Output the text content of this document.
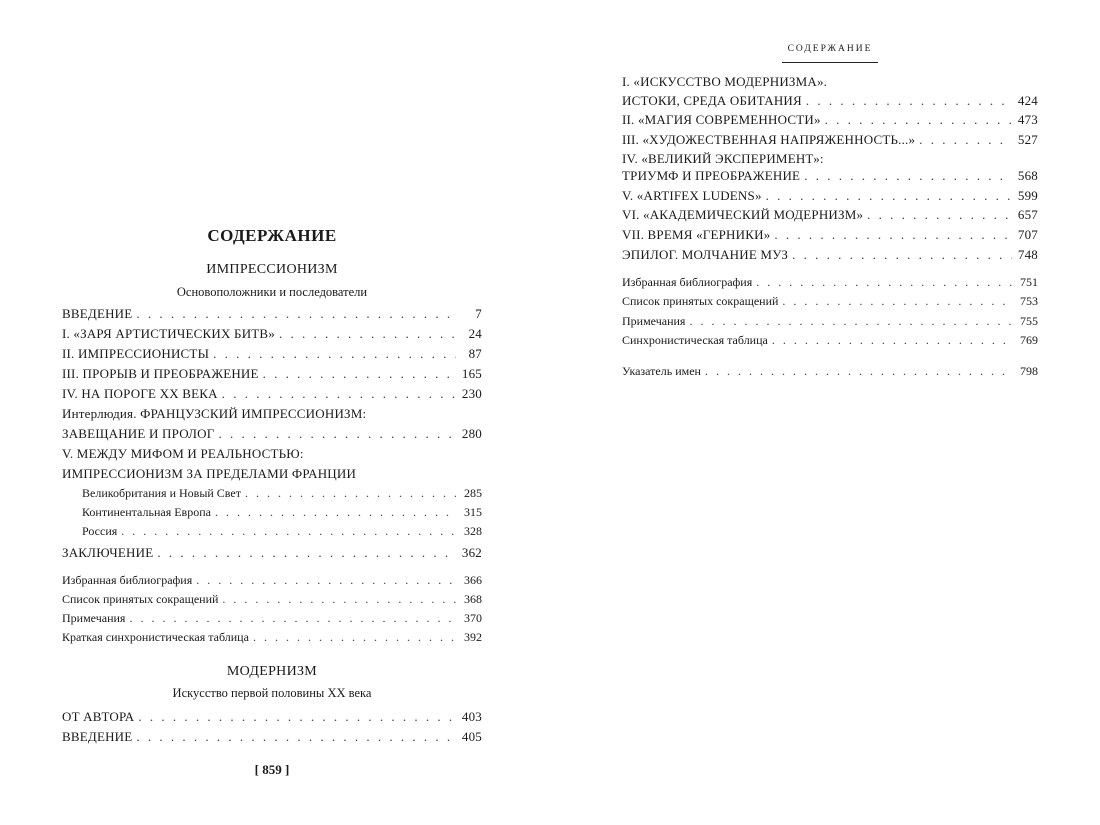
СОДЕРЖАНИЕ
ИМПРЕССИОНИЗМ
Основоположники и последователи
ВВЕДЕНИЕ . . .	7
I. «ЗАРЯ АРТИСТИЧЕСКИХ БИТВ» . . .	24
II. ИМПРЕССИОНИСТЫ . . .	87
III. ПРОРЫВ И ПРЕОБРАЖЕНИЕ . . .	165
IV. НА ПОРОГЕ XX ВЕКА . . .	230
Интерлюдия. ФРАНЦУЗСКИЙ ИМПРЕССИОНИЗМ:
ЗАВЕЩАНИЕ И ПРОЛОГ . . .	280
V. МЕЖДУ МИФОМ И РЕАЛЬНОСТЬЮ:
ИМПРЕССИОНИЗМ ЗА ПРЕДЕЛАМИ ФРАНЦИИ
Великобритания и Новый Свет . . .	285
Континентальная Европа . . .	315
Россия . . .	328
ЗАКЛЮЧЕНИЕ . . .	362
Избранная библиография . . .	366
Список принятых сокращений . . .	368
Примечания . . .	370
Краткая синхронистическая таблица . . .	392
МОДЕРНИЗМ
Искусство первой половины XX века
ОТ АВТОРА . . .	403
ВВЕДЕНИЕ . . .	405
[ 859 ]
СОДЕРЖАНИЕ
I. «ИСКУССТВО МОДЕРНИЗМА».
ИСТОКИ, СРЕДА ОБИТАНИЯ . . .	424
II. «МАГИЯ СОВРЕМЕННОСТИ» . . .	473
III. «ХУДОЖЕСТВЕННАЯ НАПРЯЖЕННОСТЬ...» . . .	527
IV. «ВЕЛИКИЙ ЭКСПЕРИМЕНТ»:
ТРИУМФ И ПРЕОБРАЖЕНИЕ . . .	568
V. «ARTIFEX LUDENS» . . .	599
VI. «АКАДЕМИЧЕСКИЙ МОДЕРНИЗМ» . . .	657
VII. ВРЕМЯ «ГЕРНИКИ» . . .	707
ЭПИЛОГ. МОЛЧАНИЕ МУЗ . . .	748
Избранная библиография . . .	751
Список принятых сокращений . . .	753
Примечания . . .	755
Синхронистическая таблица . . .	769
Указатель имен . . .	798
